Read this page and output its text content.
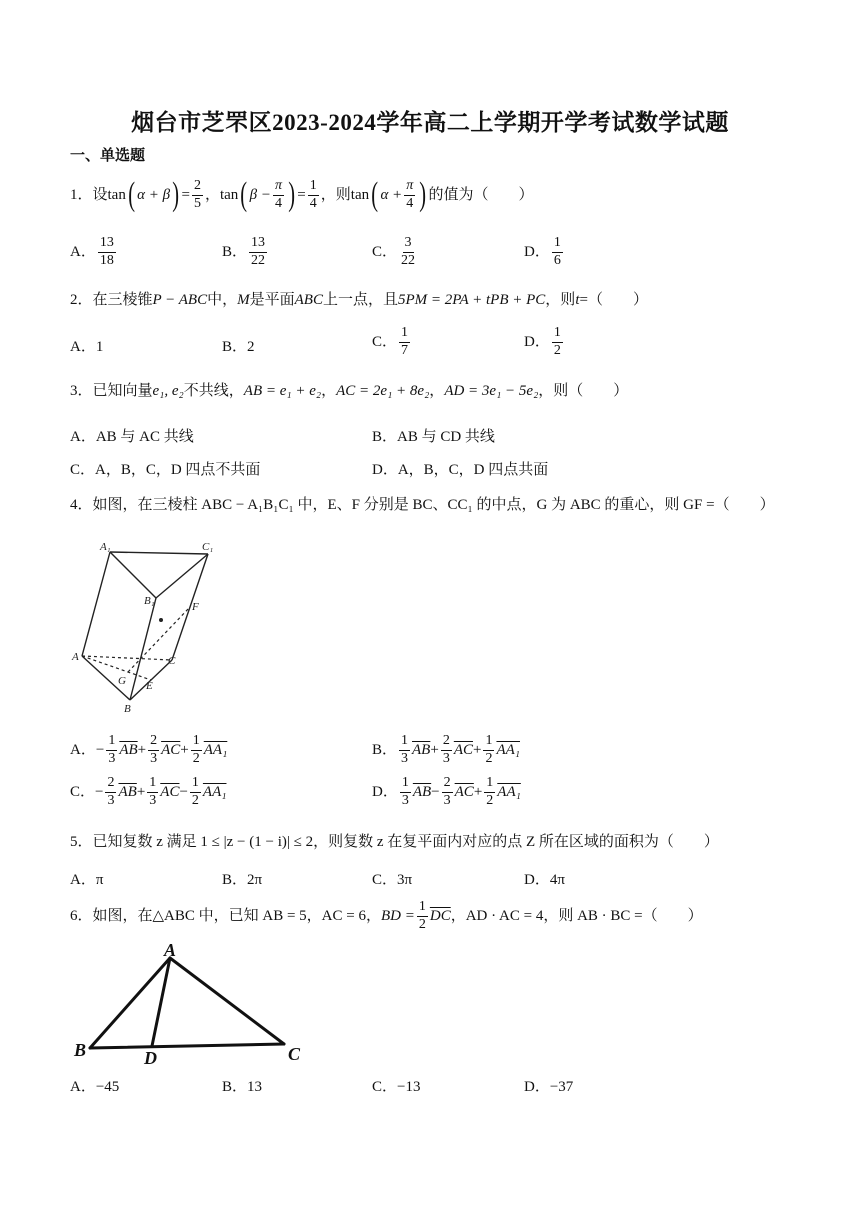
烟台市芝罘区2023-2024学年高二上学期开学考试数学试题
一、单选题
1．设 tan ( α + β ) = $\frac{2}{5}$ ， tan ( $\beta - \frac{\pi}{4}$ ) = $\frac{1}{4}$ ，则 tan ( $\alpha + \frac{\pi}{4}$ ) 的值为（　　）
A． $\frac{13}{18}$	B． $\frac{13}{22}$	C． $\frac{3}{22}$	D． $\frac{1}{6}$
2．在三棱锥 P − ABC 中， M 是平面 ABC 上一点，且 5PM = 2PA + tPB + PC ，则 t =（　　）
A．1	B．2	C． $\frac{1}{7}$	D． $\frac{1}{2}$
3．已知向量 e₁, e₂ 不共线， AB = e₁ + e₂ ， AC = 2e₁ + 8e₂ ， AD = 3e₁ − 5e₂ ，则（　　）
A．AB 与 AC 共线	B．AB 与 CD 共线
C．A，B，C，D 四点不共面	D．A，B，C，D 四点共面
4．如图，在三棱柱 ABC − A₁B₁C₁ 中，E、F 分别是 BC、CC₁ 的中点，G 为 ABC 的重心，则 GF =（　　）
A₁	C₁
B₁	F
A	C
G E
B
A． − $\frac{1}{3} \overline{AB} + \frac{2}{3} \overline{AC} + \frac{1}{2} AA_1$	B． $\frac{1}{3} \overline{AB} + \frac{2}{3} \overline{AC} + \frac{1}{2} AA_1$
C． − $\frac{2}{3} \overline{AB} + \frac{1}{3} \overline{AC} - \frac{1}{2} AA_1$	D． $\frac{1}{3} \overline{AB} - \frac{2}{3} \overline{AC} + \frac{1}{2} AA_1$
5．已知复数 z 满足 1 ≤ |z − (1 − i)| ≤ 2，则复数 z 在复平面内对应的点 Z 所在区域的面积为（　　）
A．π	B．2π	C．3π	D．4π
6．如图，在△ABC 中，已知 AB = 5，AC = 6， BD = $\frac{1}{2} \overline{DC}$ ，AD · AC = 4，则 AB · BC =（　　）
A
B	D	C
A．−45	B．13	C．−13	D．−37
